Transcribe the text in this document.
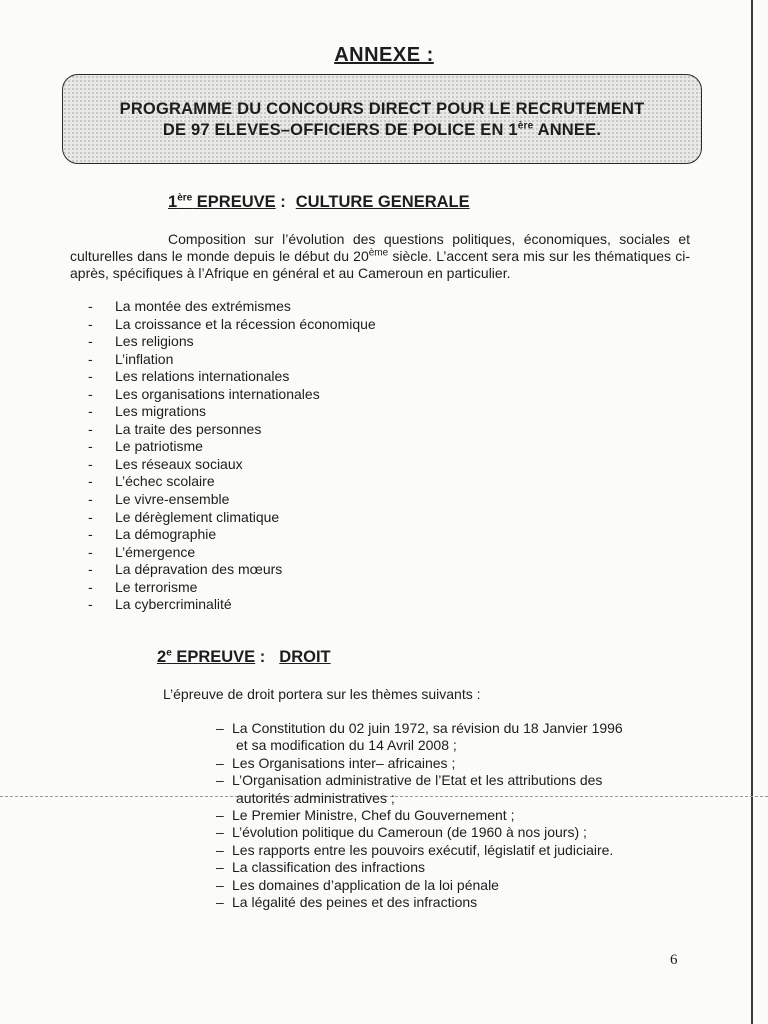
ANNEXE :
PROGRAMME DU CONCOURS DIRECT POUR LE RECRUTEMENT
DE 97 ELEVES–OFFICIERS DE POLICE EN 1ère ANNEE.
1ère EPREUVE : CULTURE GENERALE
Composition sur l’évolution des questions politiques, économiques, sociales et culturelles dans le monde depuis le début du 20ème siècle. L’accent sera mis sur les thématiques ci-après, spécifiques à l’Afrique en général et au Cameroun en particulier.
- La montée des extrémismes
- La croissance et la récession économique
- Les religions
- L’inflation
- Les relations internationales
- Les organisations internationales
- Les migrations
- La traite des personnes
- Le patriotisme
- Les réseaux sociaux
- L’échec scolaire
- Le vivre-ensemble
- Le dérèglement climatique
- La démographie
- L’émergence
- La dépravation des mœurs
- Le terrorisme
- La cybercriminalité
2e EPREUVE : DROIT
L’épreuve de droit portera sur les thèmes suivants :
– La Constitution du 02 juin 1972, sa révision du 18 Janvier 1996
et sa modification du 14 Avril 2008 ;
– Les Organisations inter– africaines ;
– L’Organisation administrative de l’Etat et les attributions des
autorités administratives ;
– Le Premier Ministre, Chef du Gouvernement ;
– L’évolution politique du Cameroun (de 1960 à nos jours) ;
– Les rapports entre les pouvoirs exécutif, législatif et judiciaire.
– La classification des infractions
– Les domaines d’application de la loi pénale
– La légalité des peines et des infractions
6
